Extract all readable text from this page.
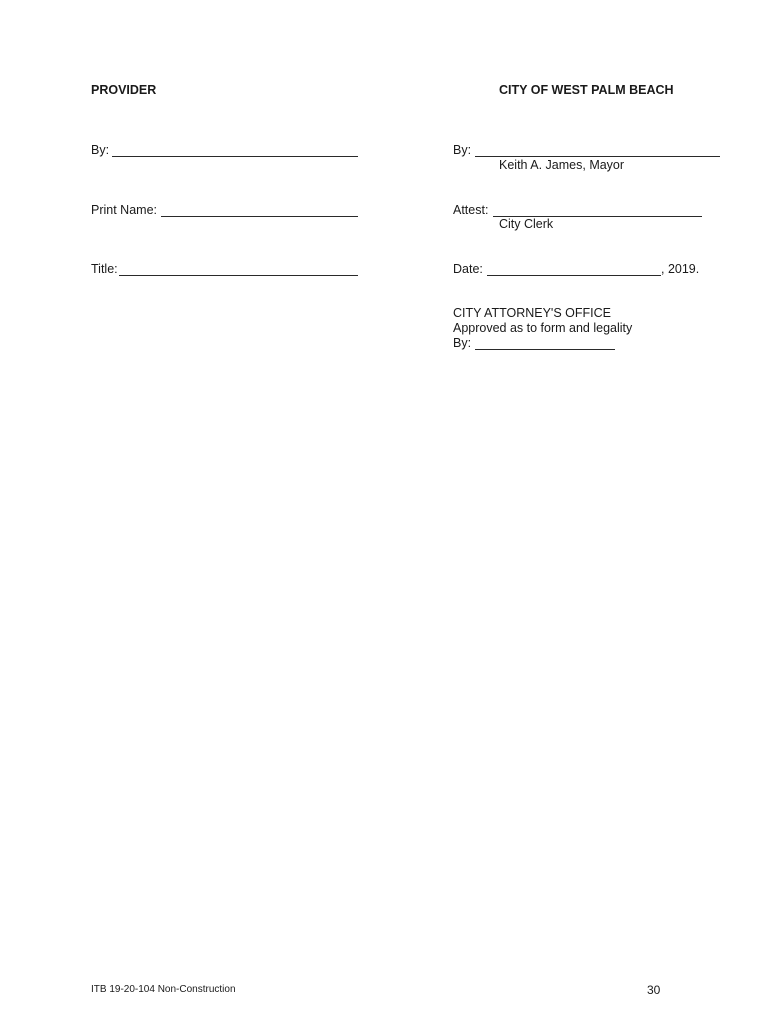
PROVIDER
By:
Print Name:
Title:
CITY OF WEST PALM BEACH
By:
Keith A. James, Mayor
Attest:
City Clerk
Date:	, 2019.
CITY ATTORNEY'S OFFICE
Approved as to form and legality
By:
ITB 19-20-104 Non-Construction	30
